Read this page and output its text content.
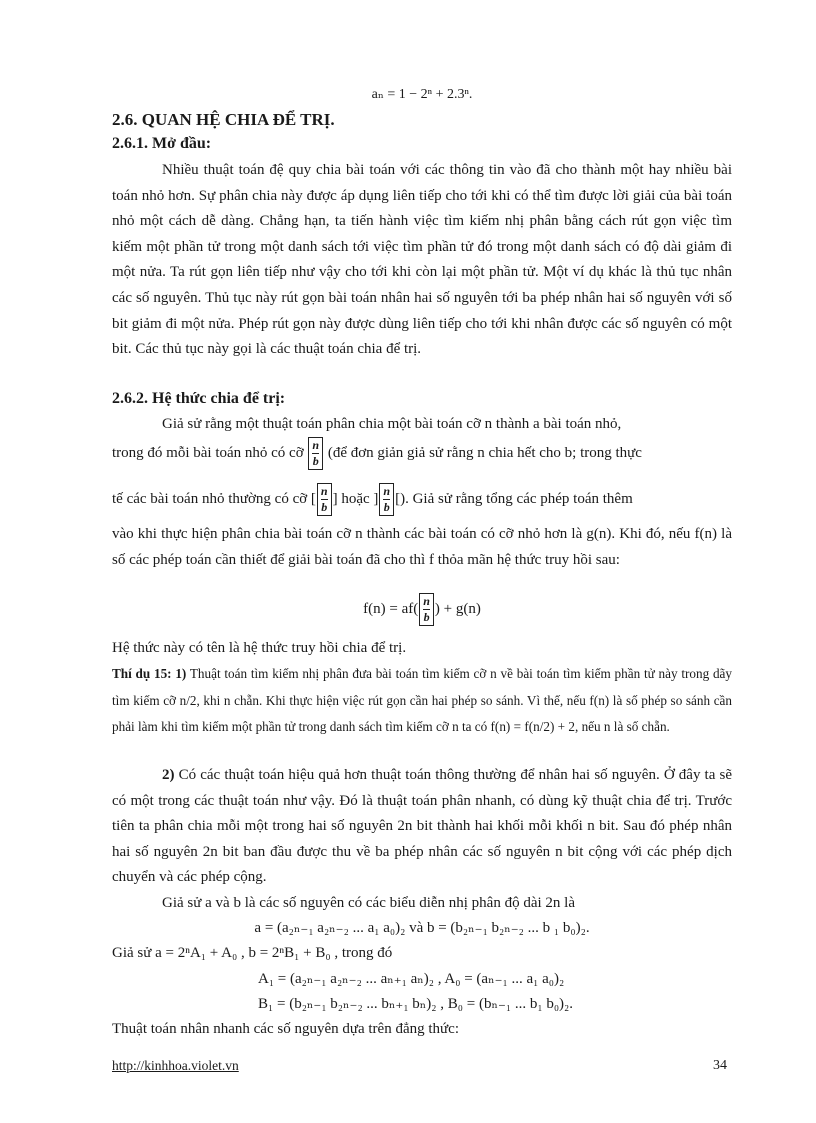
aₙ = 1 − 2ⁿ + 2.3ⁿ.
2.6. QUAN HỆ CHIA ĐỂ TRỊ.
2.6.1. Mở đầu:
Nhiều thuật toán đệ quy chia bài toán với các thông tin vào đã cho thành một hay nhiều bài toán nhỏ hơn. Sự phân chia này được áp dụng liên tiếp cho tới khi có thể tìm được lời giải của bài toán nhỏ một cách dễ dàng. Chẳng hạn, ta tiến hành việc tìm kiếm nhị phân bằng cách rút gọn việc tìm kiếm một phần tử trong một danh sách tới việc tìm phần tử đó trong một danh sách có độ dài giảm đi một nửa. Ta rút gọn liên tiếp như vậy cho tới khi còn lại một phần tử. Một ví dụ khác là thủ tục nhân các số nguyên. Thủ tục này rút gọn bài toán nhân hai số nguyên tới ba phép nhân hai số nguyên với số bit giảm đi một nửa. Phép rút gọn này được dùng liên tiếp cho tới khi nhân được các số nguyên có một bit. Các thủ tục này gọi là các thuật toán chia để trị.
2.6.2. Hệ thức chia để trị:
Giả sử rằng một thuật toán phân chia một bài toán cỡ n thành a bài toán nhỏ,
trong đó mỗi bài toán nhỏ có cỡ $\frac{n}{b}$ (để đơn giản giả sử rằng n chia hết cho b; trong thực
tế các bài toán nhỏ thường có cỡ [$\frac{n}{b}$ ] hoặc ]$\frac{n}{b}$ [). Giả sử rằng tổng các phép toán thêm
vào khi thực hiện phân chia bài toán cỡ n thành các bài toán có cỡ nhỏ hơn là g(n). Khi đó, nếu f(n) là số các phép toán cần thiết để giải bài toán đã cho thì f thỏa mãn hệ thức truy hồi sau:
$f(n) = af(\frac{n}{b}$ ) + g(n)
Hệ thức này có tên là hệ thức truy hồi chia để trị.
Thí dụ 15: 1) Thuật toán tìm kiếm nhị phân đưa bài toán tìm kiếm cỡ n về bài toán tìm kiếm phần tử này trong dãy tìm kiếm cỡ n/2, khi n chẵn. Khi thực hiện việc rút gọn cần hai phép so sánh. Vì thế, nếu f(n) là số phép so sánh cần phải làm khi tìm kiếm một phần tử trong danh sách tìm kiếm cỡ n ta có f(n) = f(n/2) + 2, nếu n là số chẵn.
2) Có các thuật toán hiệu quả hơn thuật toán thông thường để nhân hai số nguyên. Ở đây ta sẽ có một trong các thuật toán như vậy. Đó là thuật toán phân nhanh, có dùng kỹ thuật chia để trị. Trước tiên ta phân chia mỗi một trong hai số nguyên 2n bit thành hai khối mỗi khối n bit. Sau đó phép nhân hai số nguyên 2n bit ban đầu được thu về ba phép nhân các số nguyên n bit cộng với các phép dịch chuyển và các phép cộng.
Giả sử a và b là các số nguyên có các biểu diễn nhị phân độ dài 2n là
a = (a₂ₙ₋₁ a₂ₙ₋₂ ... a₁ a₀)₂ và b = (b₂ₙ₋₁ b₂ₙ₋₂ ... b ₁ b₀)₂.
Giả sử a = 2ⁿA₁ + A₀ , b = 2ⁿB₁ + B₀ , trong đó
A₁ = (a₂ₙ₋₁ a₂ₙ₋₂ ... aₙ₊₁ aₙ)₂ , A₀ = (aₙ₋₁ ... a₁ a₀)₂
B₁ = (b₂ₙ₋₁ b₂ₙ₋₂ ... bₙ₊₁ bₙ)₂ , B₀ = (bₙ₋₁ ... b₁ b₀)₂.
Thuật toán nhân nhanh các số nguyên dựa trên đẳng thức:
http://kinhhoa.violet.vn	34
